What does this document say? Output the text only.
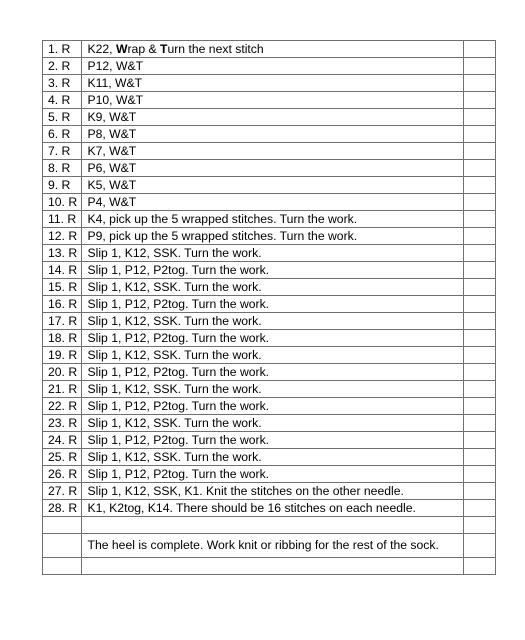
1. R	K22, Wrap & Turn the next stitch	
2. R	P12, W&T	
3. R	K11, W&T	
4. R	P10, W&T	
5. R	K9, W&T	
6. R	P8, W&T	
7. R	K7, W&T	
8. R	P6, W&T	
9. R	K5, W&T	
10. R	P4, W&T	
11. R	K4, pick up the 5 wrapped stitches. Turn the work.	
12. R	P9, pick up the 5 wrapped stitches. Turn the work.	
13. R	Slip 1, K12, SSK. Turn the work.	
14. R	Slip 1, P12, P2tog. Turn the work.	
15. R	Slip 1, K12, SSK. Turn the work.	
16. R	Slip 1, P12, P2tog. Turn the work.	
17. R	Slip 1, K12, SSK. Turn the work.	
18. R	Slip 1, P12, P2tog. Turn the work.	
19. R	Slip 1, K12, SSK. Turn the work.	
20. R	Slip 1, P12, P2tog. Turn the work.	
21. R	Slip 1, K12, SSK. Turn the work.	
22. R	Slip 1, P12, P2tog. Turn the work.	
23. R	Slip 1, K12, SSK. Turn the work.	
24. R	Slip 1, P12, P2tog. Turn the work.	
25. R	Slip 1, K12, SSK. Turn the work.	
26. R	Slip 1, P12, P2tog. Turn the work.	
27. R	Slip 1, K12, SSK, K1. Knit the stitches on the other needle.	
28. R	K1, K2tog, K14. There should be 16 stitches on each needle.	

	The heel is complete. Work knit or ribbing for the rest of the sock.	
